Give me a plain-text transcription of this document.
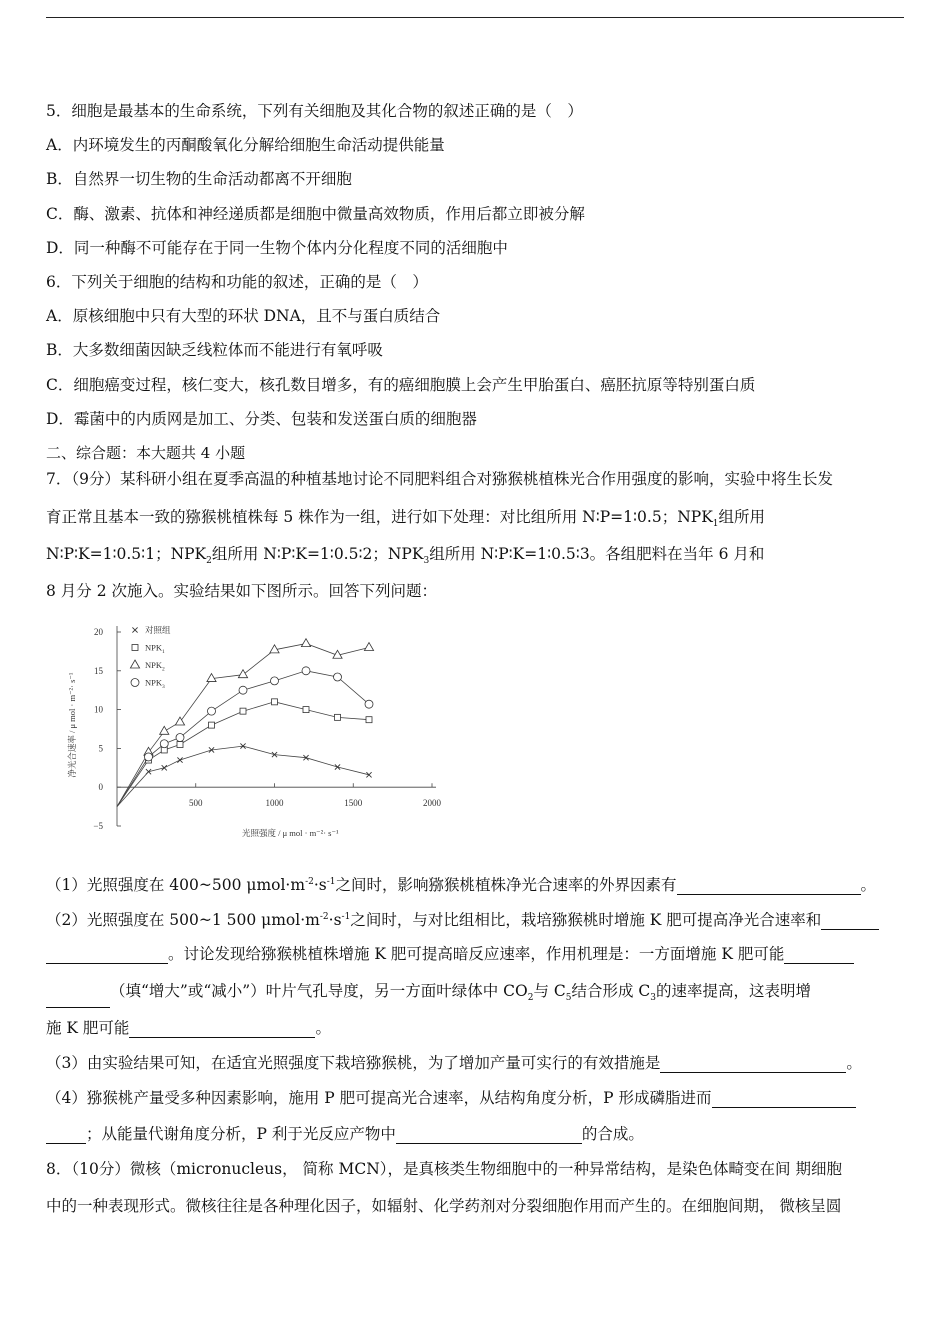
5．细胞是最基本的生命系统，下列有关细胞及其化合物的叙述正确的是（　）
A．内环境发生的丙酮酸氧化分解给细胞生命活动提供能量
B．自然界一切生物的生命活动都离不开细胞
C．酶、激素、抗体和神经递质都是细胞中微量高效物质，作用后都立即被分解
D．同一种酶不可能存在于同一生物个体内分化程度不同的活细胞中
6．下列关于细胞的结构和功能的叙述，正确的是（　）
A．原核细胞中只有大型的环状 DNA，且不与蛋白质结合
B．大多数细菌因缺乏线粒体而不能进行有氧呼吸
C．细胞癌变过程，核仁变大，核孔数目增多，有的癌细胞膜上会产生甲胎蛋白、癌胚抗原等特别蛋白质
D．霉菌中的内质网是加工、分类、包装和发送蛋白质的细胞器
二、综合题：本大题共 4 小题
7．（9分）某科研小组在夏季高温的种植基地讨论不同肥料组合对猕猴桃植株光合作用强度的影响，实验中将生长发
育正常且基本一致的猕猴桃植株每 5 株作为一组，进行如下处理：对比组所用 N∶P=1∶0.5；$NPK_1$组所用
N∶P∶K=1∶0.5∶1；$NPK_2$组所用 N∶P∶K=1∶0.5∶2；$NPK_3$组所用 N∶P∶K=1∶0.5∶3。各组肥料在当年 6 月和
8 月分 2 次施入。实验结果如下图所示。回答下列问题：
20
15
10
5
0
−5
500	1000	1500	2000
光照强度 / μ mol · m⁻²· s⁻¹
净光合速率 / μ mol · m⁻²· s⁻¹
对照组
$NPK_1$
$NPK_2$
$NPK_3$
（1）光照强度在 400~500 $\mu mol\cdot m^{-2}\cdot s^{-1}$之间时，影响猕猴桃植株净光合速率的外界因素有	。
（2）光照强度在 500~1 500 $\mu mol\cdot m^{-2}\cdot s^{-1}$之间时，与对比组相比，栽培猕猴桃时增施 K 肥可提高净光合速率和
。讨论发现给猕猴桃植株增施 K 肥可提高暗反应速率，作用机理是：一方面增施 K 肥可能
（填“增大”或“减小”）叶片气孔导度，另一方面叶绿体中 $CO_2$与 $C_5$结合形成 $C_3$的速率提高，这表明增
施 K 肥可能	。
（3）由实验结果可知，在适宜光照强度下栽培猕猴桃，为了增加产量可实行的有效措施是	。
（4）猕猴桃产量受多种因素影响，施用 P 肥可提高光合速率，从结构角度分析，P 形成磷脂进而
；从能量代谢角度分析，P 利于光反应产物中	的合成。
8．（10分）微核（micronucleus， 简称 MCN），是真核类生物细胞中的一种异常结构，是染色体畸变在间 期细胞
中的一种表现形式。微核往往是各种理化因子，如辐射、化学药剂对分裂细胞作用而产生的。在细胞间期， 微核呈圆
